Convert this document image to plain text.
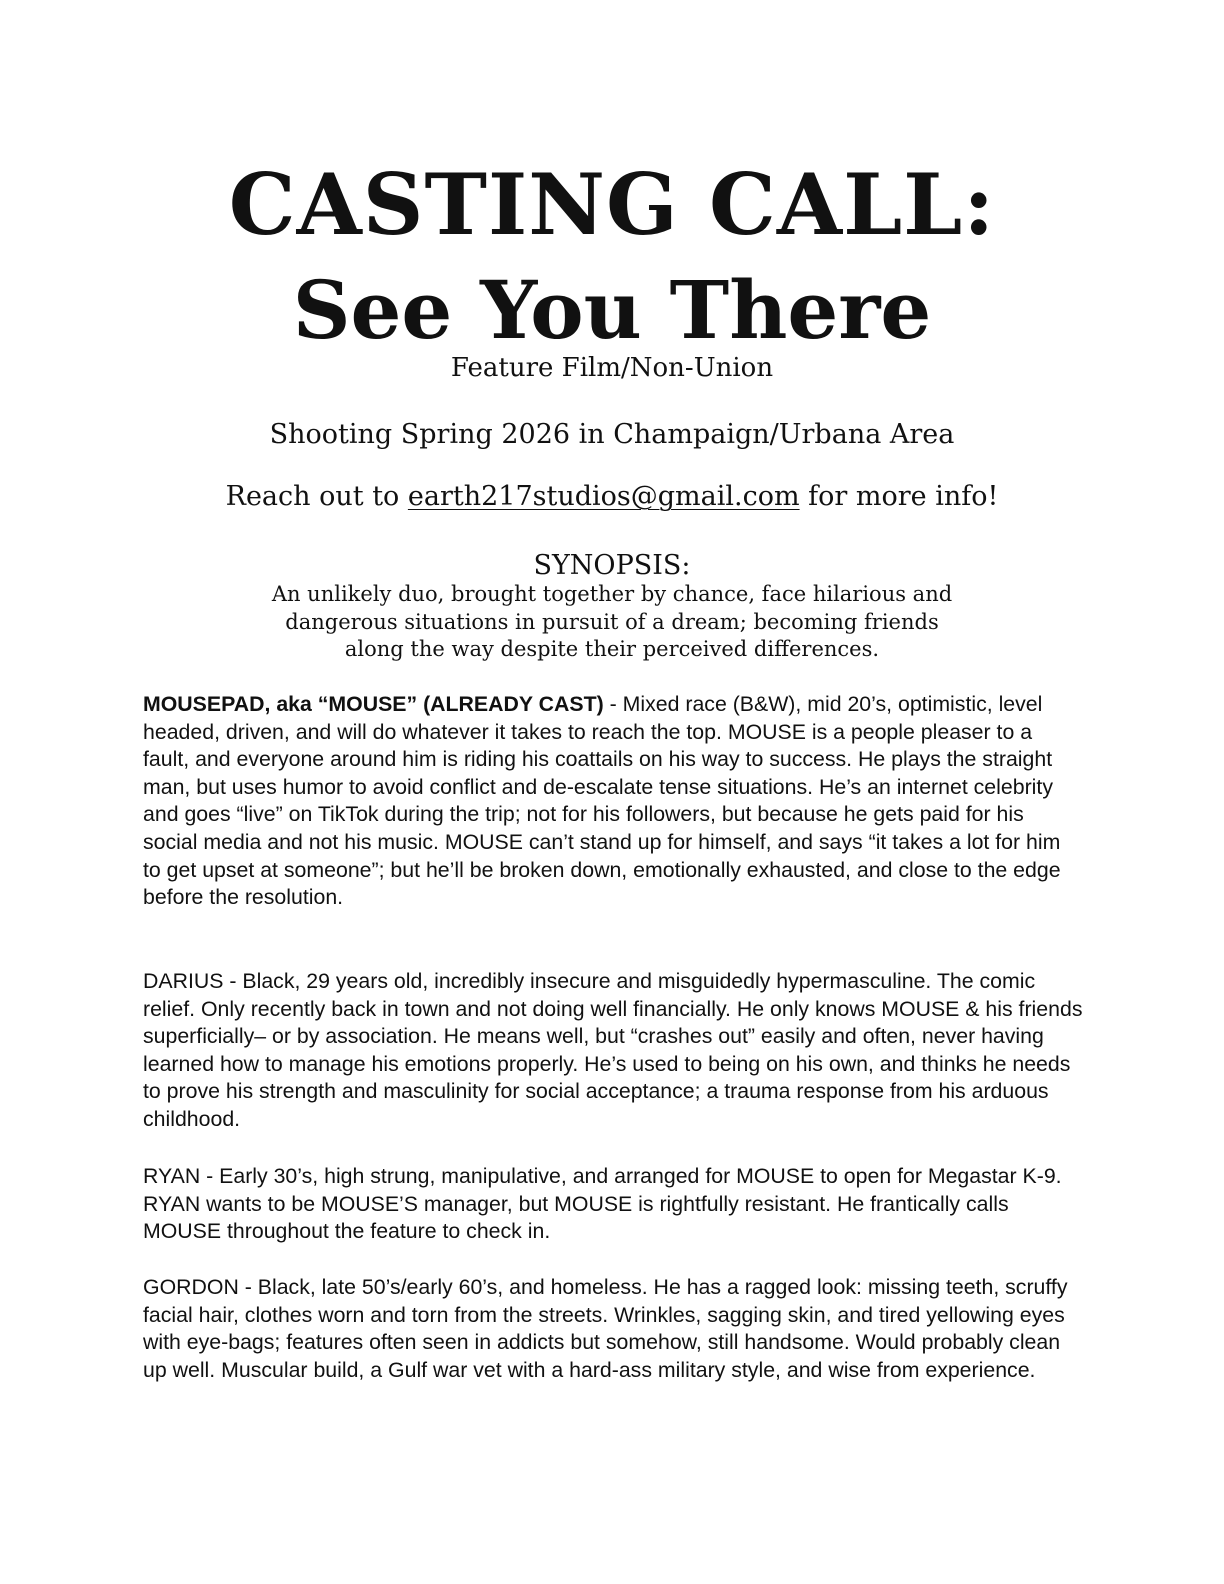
CASTING CALL:
See You There

Feature Film/Non-Union

Shooting Spring 2026 in Champaign/Urbana Area

Reach out to earth217studios@gmail.com for more info!

SYNOPSIS:

An unlikely duo, brought together by chance, face hilarious and
dangerous situations in pursuit of a dream; becoming friends
along the way despite their perceived differences.

MOUSEPAD, aka “MOUSE” (ALREADY CAST) - Mixed race (B&W), mid 20’s, optimistic, level headed, driven, and will do whatever it takes to reach the top. MOUSE is a people pleaser to a fault, and everyone around him is riding his coattails on his way to success. He plays the straight man, but uses humor to avoid conflict and de-escalate tense situations. He’s an internet celebrity and goes “live” on TikTok during the trip; not for his followers, but because he gets paid for his social media and not his music. MOUSE can’t stand up for himself, and says “it takes a lot for him to get upset at someone”; but he’ll be broken down, emotionally exhausted, and close to the edge before the resolution.

DARIUS - Black, 29 years old, incredibly insecure and misguidedly hypermasculine. The comic relief. Only recently back in town and not doing well financially. He only knows MOUSE & his friends superficially– or by association. He means well, but “crashes out” easily and often, never having learned how to manage his emotions properly. He’s used to being on his own, and thinks he needs to prove his strength and masculinity for social acceptance; a trauma response from his arduous childhood.

RYAN - Early 30’s, high strung, manipulative, and arranged for MOUSE to open for Megastar K-9. RYAN wants to be MOUSE’S manager, but MOUSE is rightfully resistant. He frantically calls MOUSE throughout the feature to check in.

GORDON - Black, late 50’s/early 60’s, and homeless. He has a ragged look: missing teeth, scruffy facial hair, clothes worn and torn from the streets. Wrinkles, sagging skin, and tired yellowing eyes with eye-bags; features often seen in addicts but somehow, still handsome. Would probably clean up well. Muscular build, a Gulf war vet with a hard-ass military style, and wise from experience.
